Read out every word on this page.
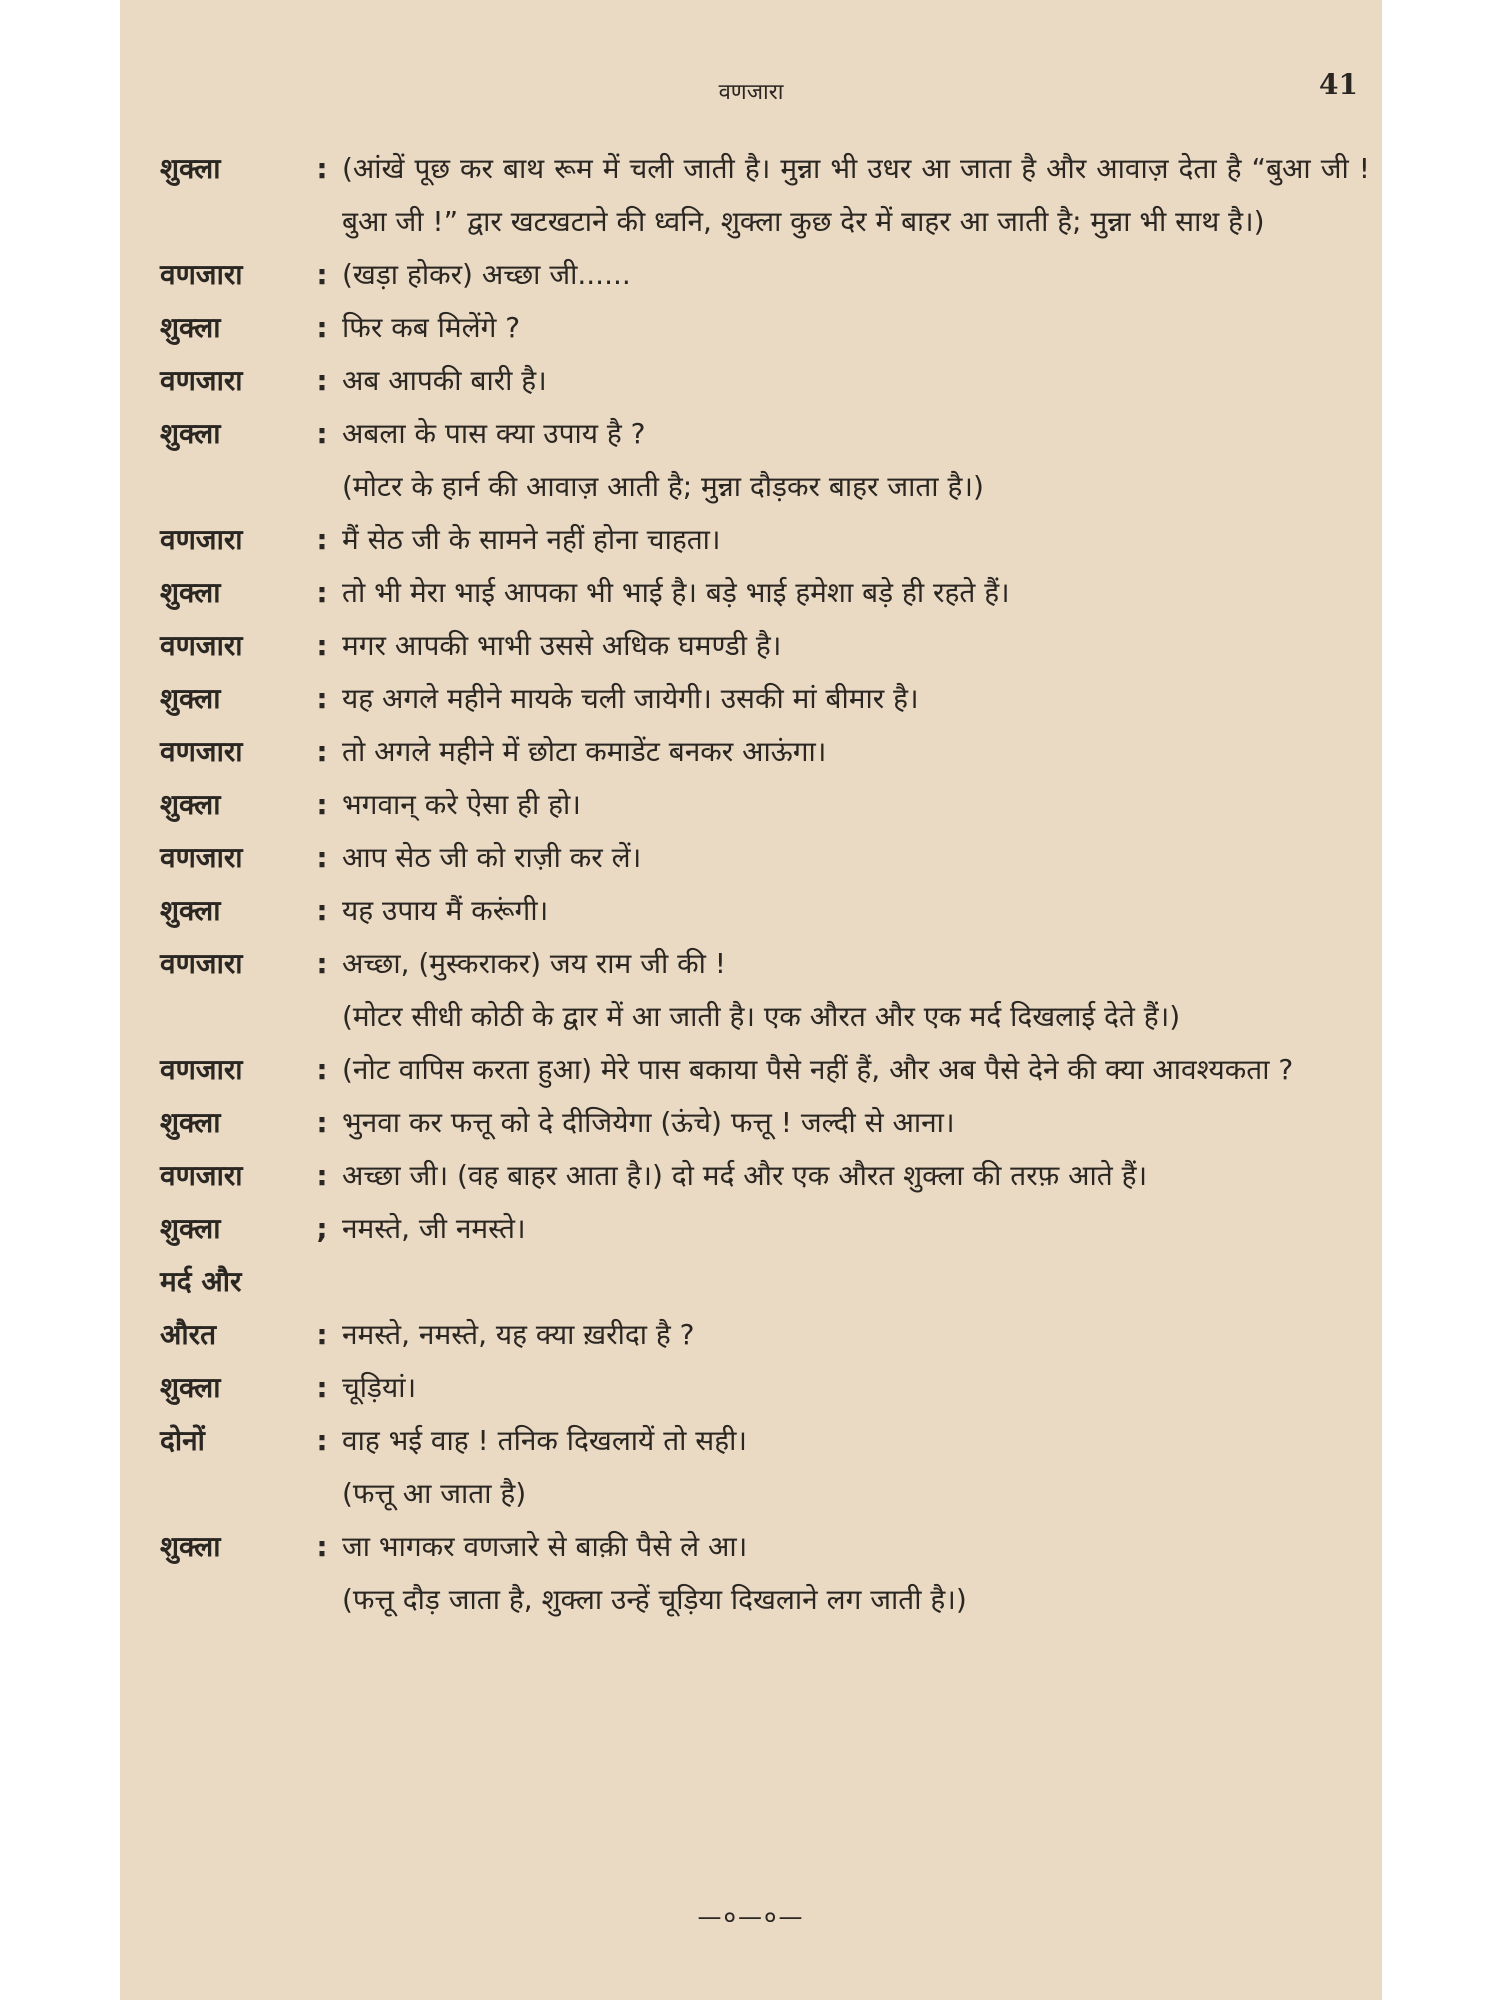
वणजारा	41
शुक्ला	: (आंखें पूछ कर बाथ रूम में चली जाती है। मुन्ना भी उधर आ जाता है और आवाज़ देता है “बुआ जी ! बुआ जी !” द्वार खटखटाने की ध्वनि, शुक्ला कुछ देर में बाहर आ जाती है; मुन्ना भी साथ है।)
वणजारा	: (खड़ा होकर) अच्छा जी......
शुक्ला	: फिर कब मिलेंगे ?
वणजारा	: अब आपकी बारी है।
शुक्ला	: अबला के पास क्या उपाय है ?
(मोटर के हार्न की आवाज़ आती है; मुन्ना दौड़कर बाहर जाता है।)
वणजारा	: मैं सेठ जी के सामने नहीं होना चाहता।
शुक्ला	: तो भी मेरा भाई आपका भी भाई है। बड़े भाई हमेशा बड़े ही रहते हैं।
वणजारा	: मगर आपकी भाभी उससे अधिक घमण्डी है।
शुक्ला	: यह अगले महीने मायके चली जायेगी। उसकी मां बीमार है।
वणजारा	: तो अगले महीने में छोटा कमाडेंट बनकर आऊंगा।
शुक्ला	: भगवान् करे ऐसा ही हो।
वणजारा	: आप सेठ जी को राज़ी कर लें।
शुक्ला	: यह उपाय मैं करूंगी।
वणजारा	: अच्छा, (मुस्कराकर) जय राम जी की !
(मोटर सीधी कोठी के द्वार में आ जाती है। एक औरत और एक मर्द दिखलाई देते हैं।)
वणजारा	: (नोट वापिस करता हुआ) मेरे पास बकाया पैसे नहीं हैं, और अब पैसे देने की क्या आवश्यकता ?
शुक्ला	: भुनवा कर फत्तू को दे दीजियेगा (ऊंचे) फत्तू ! जल्दी से आना।
वणजारा	: अच्छा जी। (वह बाहर आता है।) दो मर्द और एक औरत शुक्ला की तरफ़ आते हैं।
शुक्ला	; नमस्ते, जी नमस्ते।
मर्द और
औरत	: नमस्ते, नमस्ते, यह क्या ख़रीदा है ?
शुक्ला	: चूड़ियां।
दोनों	: वाह भई वाह ! तनिक दिखलायें तो सही।
(फत्तू आ जाता है)
शुक्ला	: जा भागकर वणजारे से बाक़ी पैसे ले आ।
(फत्तू दौड़ जाता है, शुक्ला उन्हें चूड़िया दिखलाने लग जाती है।)
—०—०—
